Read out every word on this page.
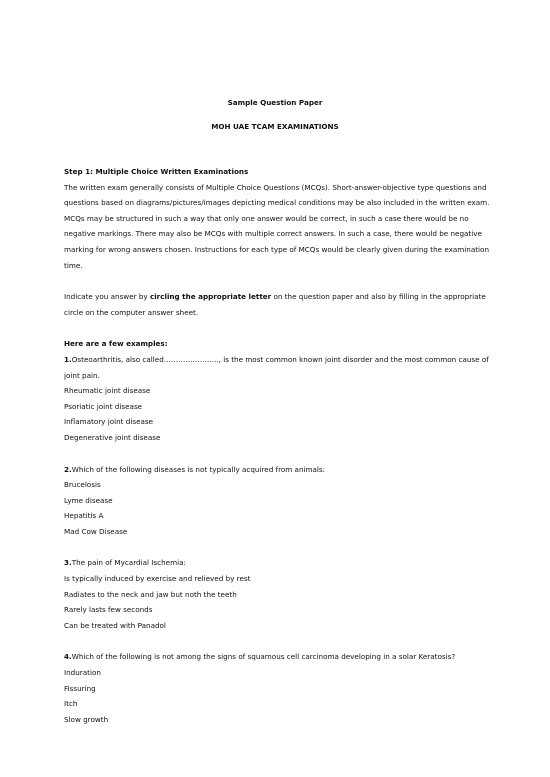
Sample Question Paper
MOH UAE TCAM EXAMINATIONS

Step 1: Multiple Choice Written Examinations

The written exam generally consists of Multiple Choice Questions (MCQs). Short-answer-objective type questions and questions based on diagrams/pictures/images depicting medical conditions may be also included in the written exam. MCQs may be structured in such a way that only one answer would be correct, in such a case there would be no negative markings. There may also be MCQs with multiple correct answers. In such a case, there would be negative marking for wrong answers chosen. Instructions for each type of MCQs would be clearly given during the examination time.

Indicate you answer by circling the appropriate letter on the question paper and also by filling in the appropriate circle on the computer answer sheet.

Here are a few examples:

1.Osteoarthritis, also called………………….., is the most common known joint disorder and the most common cause of joint pain.

Rheumatic joint disease
Psoriatic joint disease
Inflamatory joint disease
Degenerative joint disease

2.Which of the following diseases is not typically acquired from animals:

Brucelosis
Lyme disease
Hepatitis A
Mad Cow Disease

3.The pain of Mycardial Ischemia:

Is typically induced by exercise and relieved by rest
Radiates to the neck and jaw but noth the teeth
Rarely lasts few seconds
Can be treated with Panadol

4.Which of the following is not among the signs of squamous cell carcinoma developing in a solar Keratosis?

Induration
Fissuring
Itch
Slow growth
